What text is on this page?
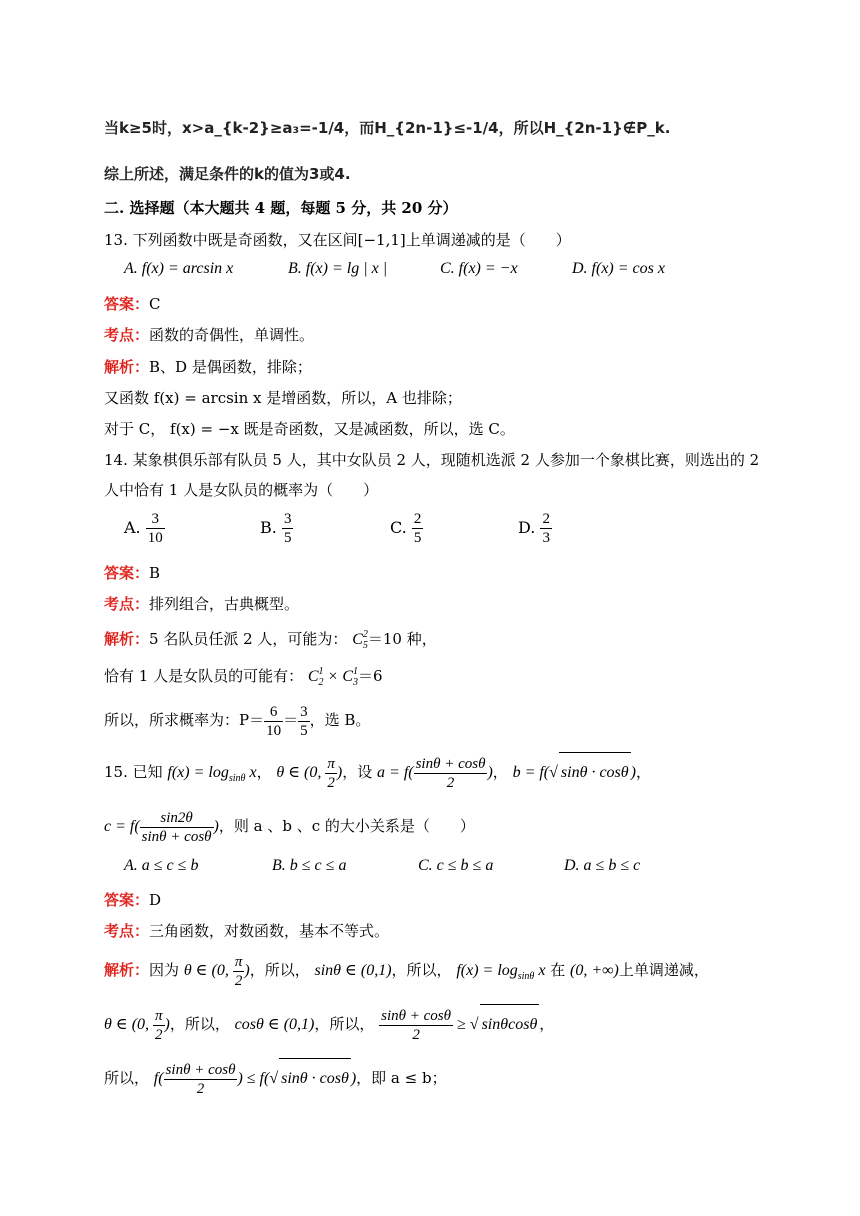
当k≥5时，x>a_{k-2}≥a₃=-1/4，而H_{2n-1}≤-1/4，所以H_{2n-1}∉P_k.
综上所述，满足条件的k的值为3或4.
二. 选择题（本大题共 4 题，每题 5 分，共 20 分）
13. 下列函数中既是奇函数，又在区间[−1,1]上单调递减的是（　　）
A. f(x) = arcsin x	B. f(x) = lg | x |	C. f(x) = −x	D. f(x) = cos x
答案：C
考点：函数的奇偶性，单调性。
解析：B、D 是偶函数，排除；
又函数 f(x) = arcsin x 是增函数，所以，A 也排除；
对于 C， f(x) = −x 既是奇函数，又是减函数，所以，选 C。
14. 某象棋俱乐部有队员 5 人，其中女队员 2 人，现随机选派 2 人参加一个象棋比赛，则选出的 2
人中恰有 1 人是女队员的概率为（　　）
A. $\frac{3}{10}$	B. $\frac{3}{5}$	C. $\frac{2}{5}$	D. $\frac{2}{3}$
答案：B
考点：排列组合，古典概型。
解析：5 名队员任派 2 人，可能为： $C_5^2=10$ 种，
恰有 1 人是女队员的可能有： $C_2^1 \times C_3^1=6$
所以，所求概率为：$P= \frac{6}{10} = \frac{3}{5}$ ，选 B。
15. 已知 $f(x) = \log_{sin\theta} x$， θ ∈ (0, $\frac{\pi}{2}$ )，设 $a = f( \frac{\sin\theta + \cos\theta}{2}$ )， b = f(√ sinθ · cosθ )，
$c = f( \frac{\sin 2\theta}{\sin\theta + \cos\theta}$ )，则 a 、b 、c 的大小关系是（　　）
A. a ≤ c ≤ b	B. b ≤ c ≤ a	C. c ≤ b ≤ a	D. a ≤ b ≤ c
答案：D
考点：三角函数，对数函数，基本不等式。
解析：因为 θ ∈ (0, $\frac{\pi}{2}$ )，所以， sinθ ∈ (0,1)，所以， $f(x) = \log_{sin\theta} x$ 在 (0, +∞)上单调递减，
θ ∈ (0, $\frac{\pi}{2}$ )，所以， cosθ ∈ (0,1)，所以， $\frac{\sin\theta + \cos\theta}{2}$ ≥ √ sinθcosθ ，
所以， $f( \frac{\sin\theta + \cos\theta}{2}$ ) ≤ f(√ sinθ · cosθ )，即 a ≤ b；
